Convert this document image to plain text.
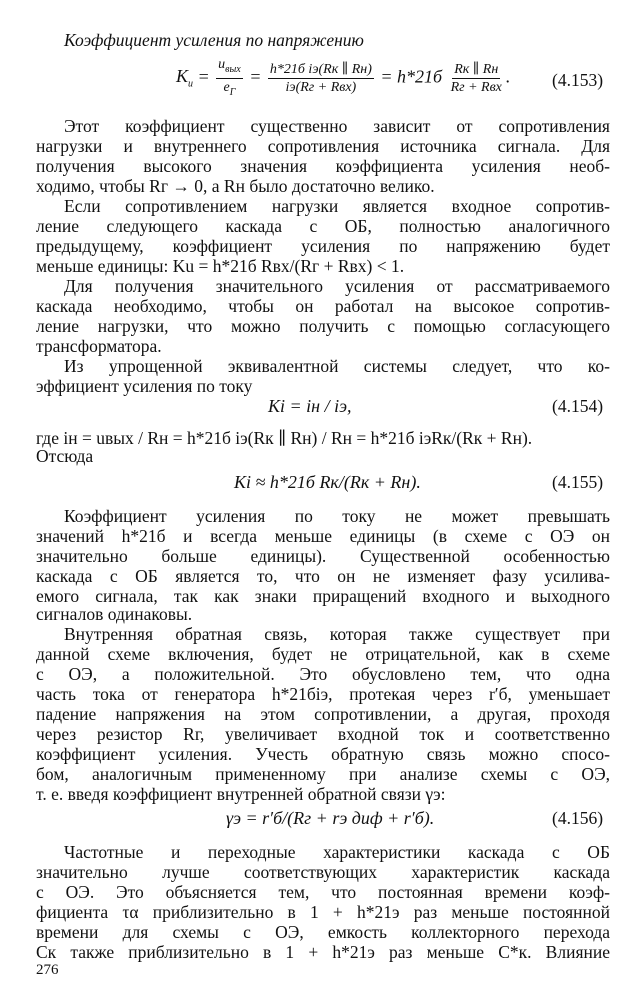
Коэффициент усиления по напряжению
$K_u = \frac{u_{вых}}{e_Г} = \frac{\text{h*21б iэ(Rк ∥ Rн)}}{\text{iэ(Rг + Rвх)}} = h*21б \frac{Rк \parallel Rн}{\text{Rг + Rвх}}$ . (4.153)
Этот коэффициент существенно зависит от сопротивления
нагрузки и внутреннего сопротивления источника сигнала. Для
получения высокого значения коэффициента усиления необ-
ходимо, чтобы Rг → 0, а Rн было достаточно велико.
Если сопротивлением нагрузки является входное сопротив-
ление следующего каскада с ОБ, полностью аналогичного
предыдущему, коэффициент усиления по напряжению будет
меньше единицы: Ku = h*21б Rвх/(Rг + Rвх) < 1.
Для получения значительного усиления от рассматриваемого
каскада необходимо, чтобы он работал на высокое сопротив-
ление нагрузки, что можно получить с помощью согласующего
трансформатора.
Из упрощенной эквивалентной системы следует, что ко-
эффициент усиления по току
Ki = iн / iэ,	(4.154)
где iн = uвых / Rн = h*21б iэ(Rк ∥ Rн) / Rн = h*21б iэRк/(Rк + Rн).
Отсюда
Ki ≈ h*21б Rк/(Rк + Rн).	(4.155)
Коэффициент усиления по току не может превышать
значений h*21б и всегда меньше единицы (в схеме с ОЭ он
значительно больше единицы). Существенной особенностью
каскада с ОБ является то, что он не изменяет фазу усилива-
емого сигнала, так как знаки приращений входного и выходного
сигналов одинаковы.
Внутренняя обратная связь, которая также существует при
данной схеме включения, будет не отрицательной, как в схеме
с ОЭ, а положительной. Это обусловлено тем, что одна
часть тока от генератора h*21бiэ, протекая через r′б, уменьшает
падение напряжения на этом сопротивлении, а другая, проходя
через резистор Rг, увеличивает входной ток и соответственно
коэффициент усиления. Учесть обратную связь можно спосо-
бом, аналогичным примененному при анализе схемы с ОЭ,
т. е. введя коэффициент внутренней обратной связи γэ:
γэ = r′б/(Rг + rэ диф + r′б).	(4.156)
Частотные и переходные характеристики каскада с ОБ
значительно лучше соответствующих характеристик каскада
с ОЭ. Это объясняется тем, что постоянная времени коэф-
фициента τα приблизительно в 1 + h*21э раз меньше постоянной
времени для схемы с ОЭ, емкость коллекторного перехода
Cк также приблизительно в 1 + h*21э раз меньше C*к. Влияние
276
